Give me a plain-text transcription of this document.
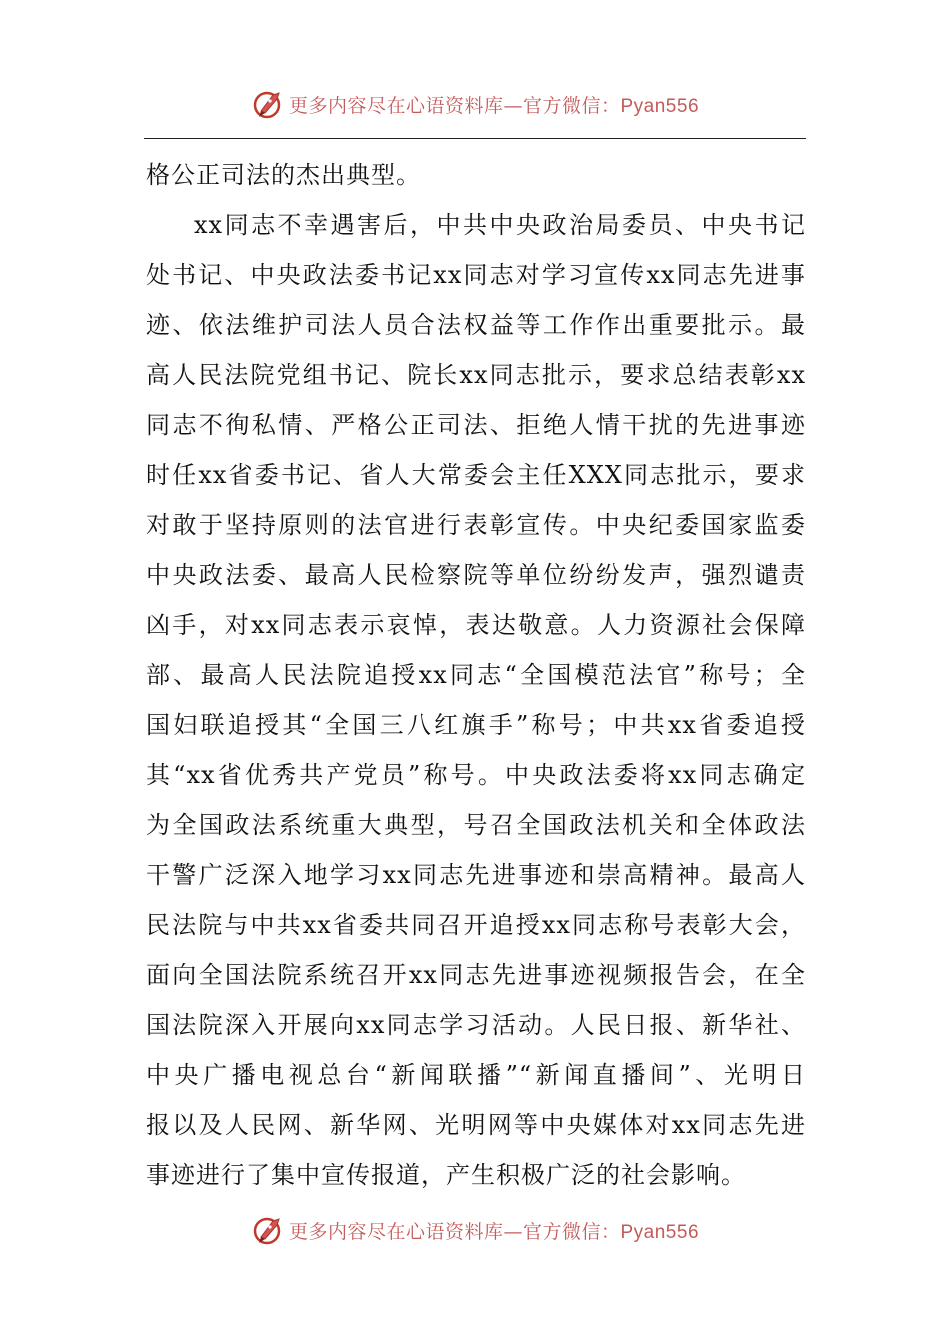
更多内容尽在心语资料库—官方微信：Pyan556
格公正司法的杰出典型。
xx同志不幸遇害后，中共中央政治局委员、中央书记
处书记、中央政法委书记xx同志对学习宣传xx同志先进事
迹、依法维护司法人员合法权益等工作作出重要批示。最
高人民法院党组书记、院长xx同志批示，要求总结表彰xx
同志不徇私情、严格公正司法、拒绝人情干扰的先进事迹
时任xx省委书记、省人大常委会主任XXX同志批示，要求
对敢于坚持原则的法官进行表彰宣传。中央纪委国家监委
中央政法委、最高人民检察院等单位纷纷发声，强烈谴责
凶手，对xx同志表示哀悼，表达敬意。人力资源社会保障
部、最高人民法院追授xx同志“全国模范法官”称号；全
国妇联追授其“全国三八红旗手”称号；中共xx省委追授
其“xx省优秀共产党员”称号。中央政法委将xx同志确定
为全国政法系统重大典型，号召全国政法机关和全体政法
干警广泛深入地学习xx同志先进事迹和崇高精神。最高人
民法院与中共xx省委共同召开追授xx同志称号表彰大会，
面向全国法院系统召开xx同志先进事迹视频报告会，在全
国法院深入开展向xx同志学习活动。人民日报、新华社、
中央广播电视总台“新闻联播”“新闻直播间”、光明日
报以及人民网、新华网、光明网等中央媒体对xx同志先进
事迹进行了集中宣传报道，产生积极广泛的社会影响。
更多内容尽在心语资料库—官方微信：Pyan556
